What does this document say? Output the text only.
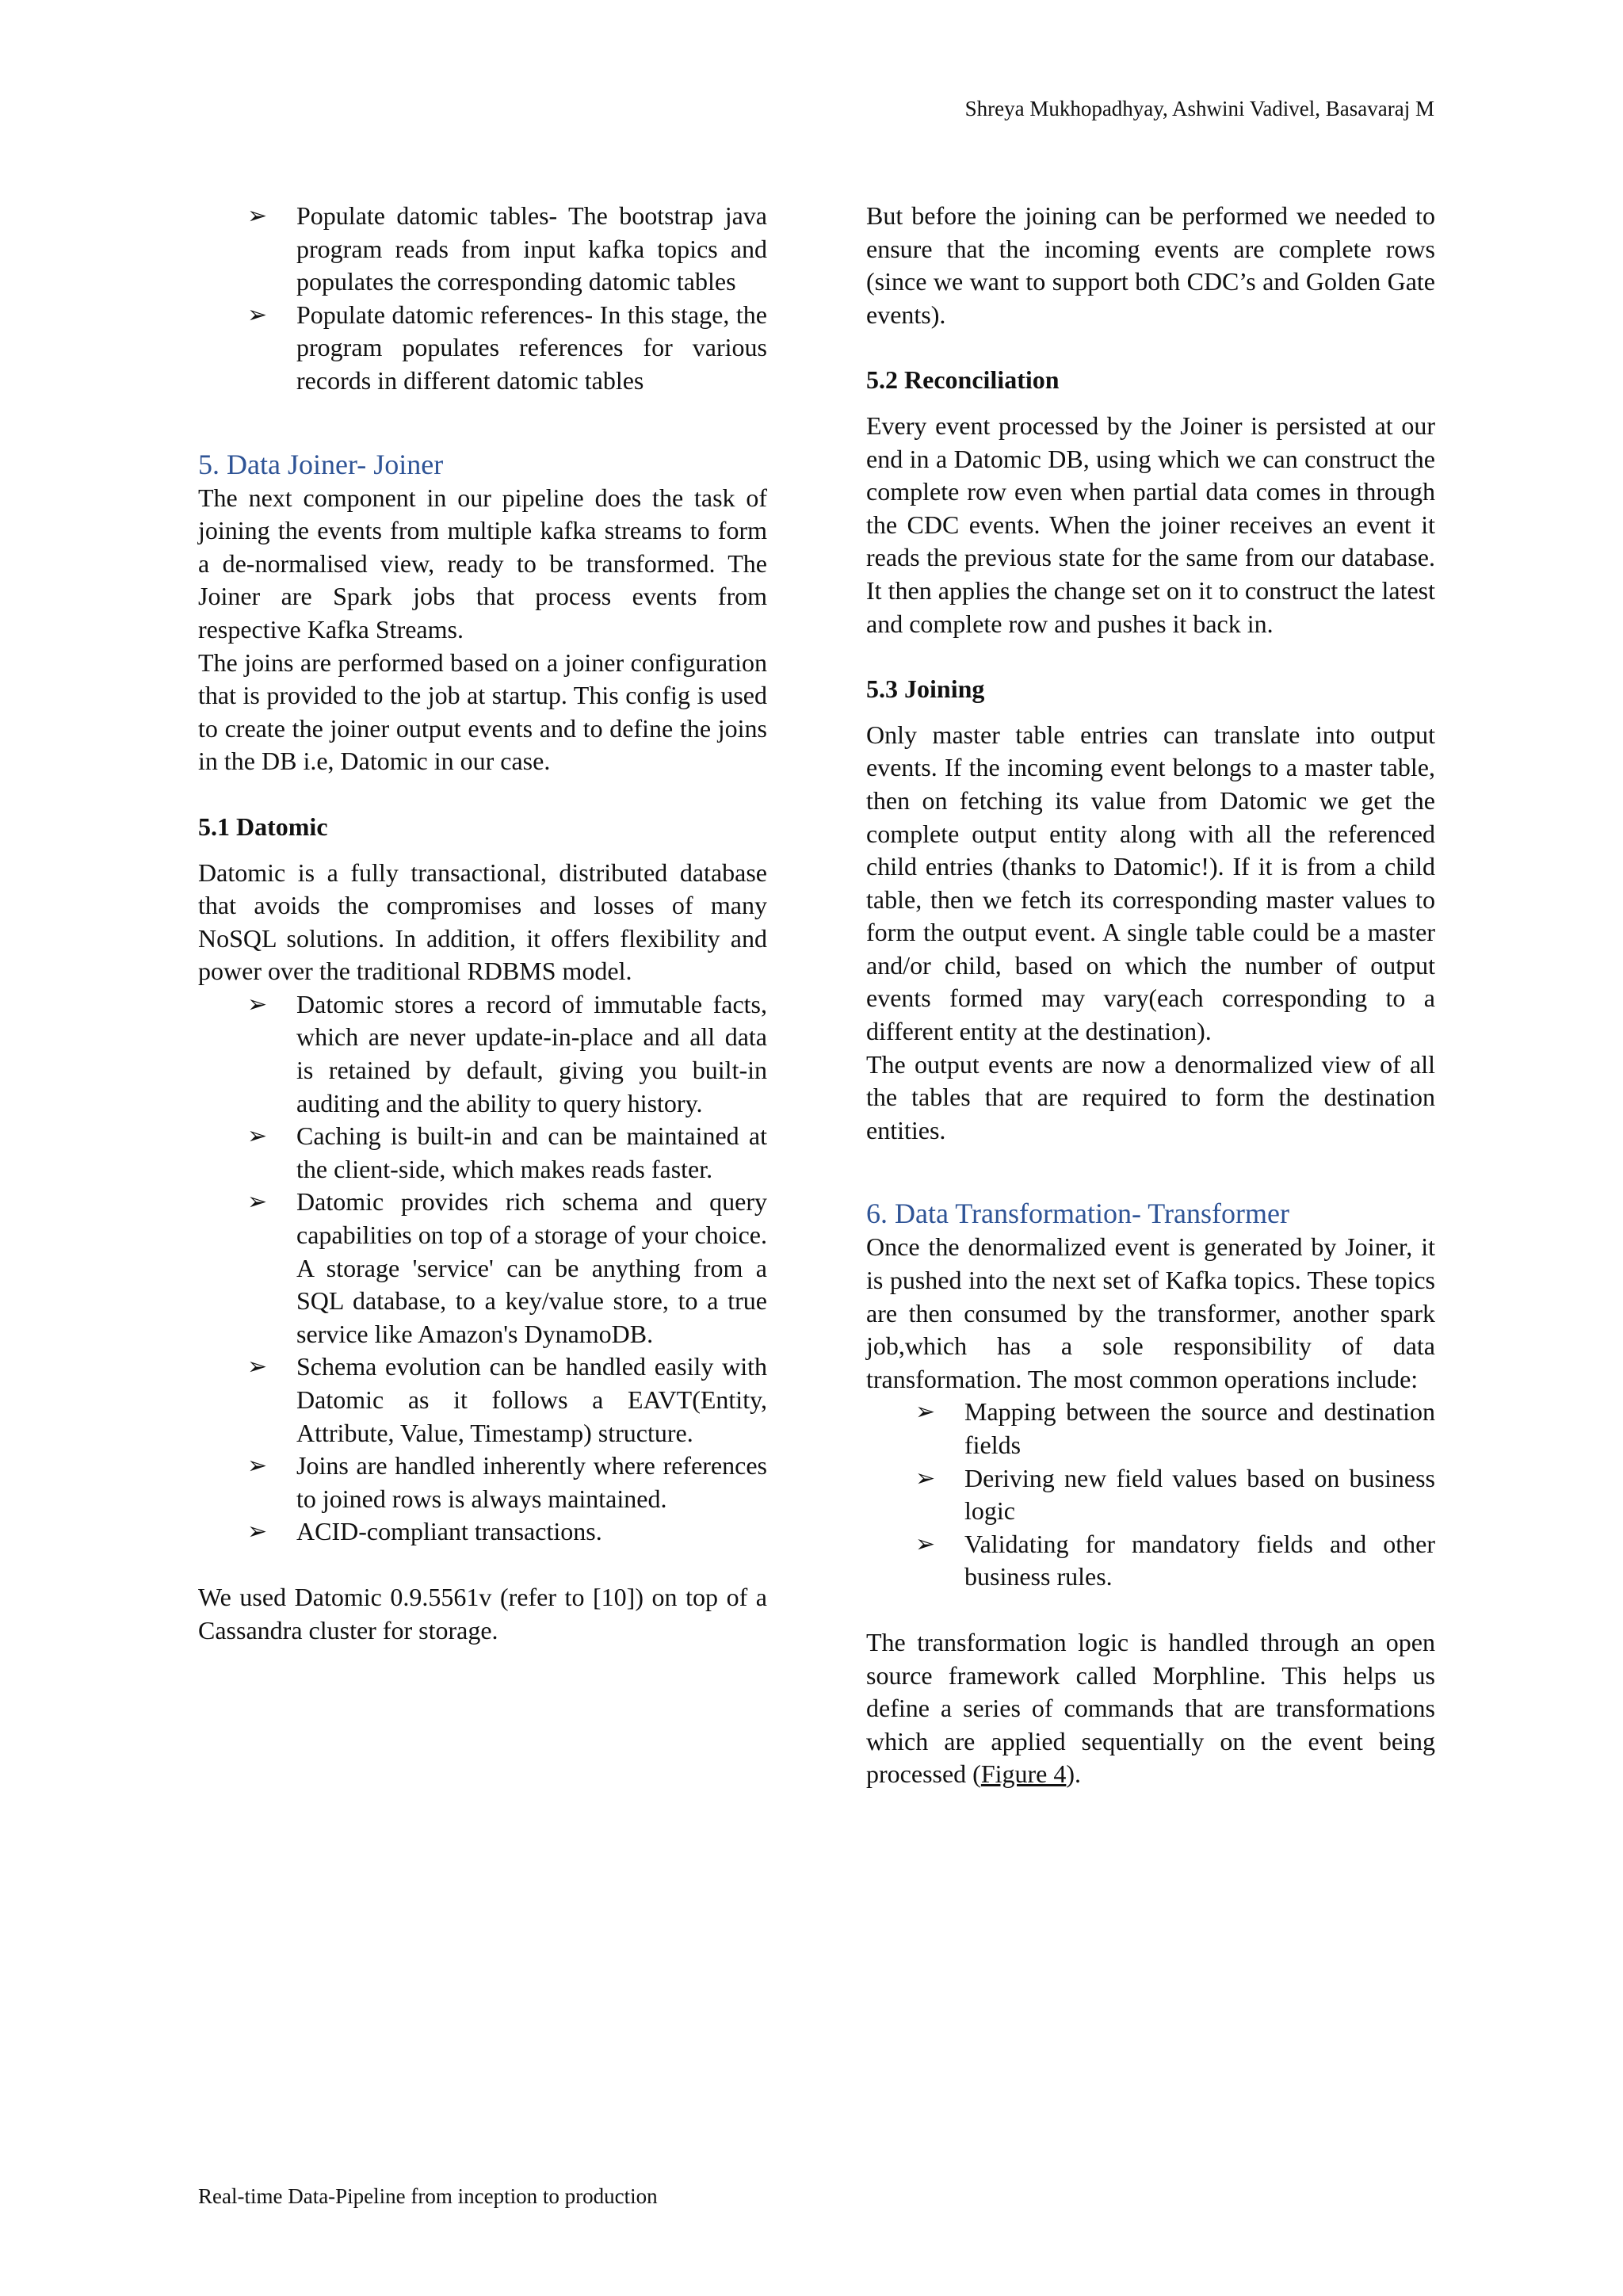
Shreya Mukhopadhyay, Ashwini Vadivel, Basavaraj M
➢ Populate datomic tables- The bootstrap java program reads from input kafka topics and populates the corresponding datomic tables
➢ Populate datomic references- In this stage, the program populates references for various records in different datomic tables
5. Data Joiner- Joiner

The next component in our pipeline does the task of joining the events from multiple kafka streams to form a de-normalised view, ready to be transformed. The Joiner are Spark jobs that process events from respective Kafka Streams.

The joins are performed based on a joiner configuration that is provided to the job at startup. This config is used to create the joiner output events and to define the joins in the DB i.e, Datomic in our case.

5.1 Datomic

Datomic is a fully transactional, distributed database that avoids the compromises and losses of many NoSQL solutions. In addition, it offers flexibility and power over the traditional RDBMS model.

➢ Datomic stores a record of immutable facts, which are never update-in-place and all data is retained by default, giving you built-in auditing and the ability to query history.
➢ Caching is built-in and can be maintained at the client-side, which makes reads faster.
➢ Datomic provides rich schema and query capabilities on top of a storage of your choice. A storage 'service' can be anything from a SQL database, to a key/value store, to a true service like Amazon's DynamoDB.
➢ Schema evolution can be handled easily with Datomic as it follows a EAVT(Entity, Attribute, Value, Timestamp) structure.
➢ Joins are handled inherently where references to joined rows is always maintained.
➢ ACID-compliant transactions.

We used Datomic 0.9.5561v (refer to [10]) on top of a Cassandra cluster for storage.

But before the joining can be performed we needed to ensure that the incoming events are complete rows (since we want to support both CDC’s and Golden Gate events).

5.2 Reconciliation

Every event processed by the Joiner is persisted at our end in a Datomic DB, using which we can construct the complete row even when partial data comes in through the CDC events. When the joiner receives an event it reads the previous state for the same from our database. It then applies the change set on it to construct the latest and complete row and pushes it back in.

5.3 Joining

Only master table entries can translate into output events. If the incoming event belongs to a master table, then on fetching its value from Datomic we get the complete output entity along with all the referenced child entries (thanks to Datomic!). If it is from a child table, then we fetch its corresponding master values to form the output event. A single table could be a master and/or child, based on which the number of output events formed may vary(each corresponding to a different entity at the destination).

The output events are now a denormalized view of all the tables that are required to form the destination entities.

6. Data Transformation- Transformer

Once the denormalized event is generated by Joiner, it is pushed into the next set of Kafka topics. These topics are then consumed by the transformer, another spark job,which has a sole responsibility of data transformation. The most common operations include:

➢ Mapping between the source and destination fields
➢ Deriving new field values based on business logic
➢ Validating for mandatory fields and other business rules.

The transformation logic is handled through an open source framework called Morphline. This helps us define a series of commands that are transformations which are applied sequentially on the event being processed (Figure 4).

Real-time Data-Pipeline from inception to production
